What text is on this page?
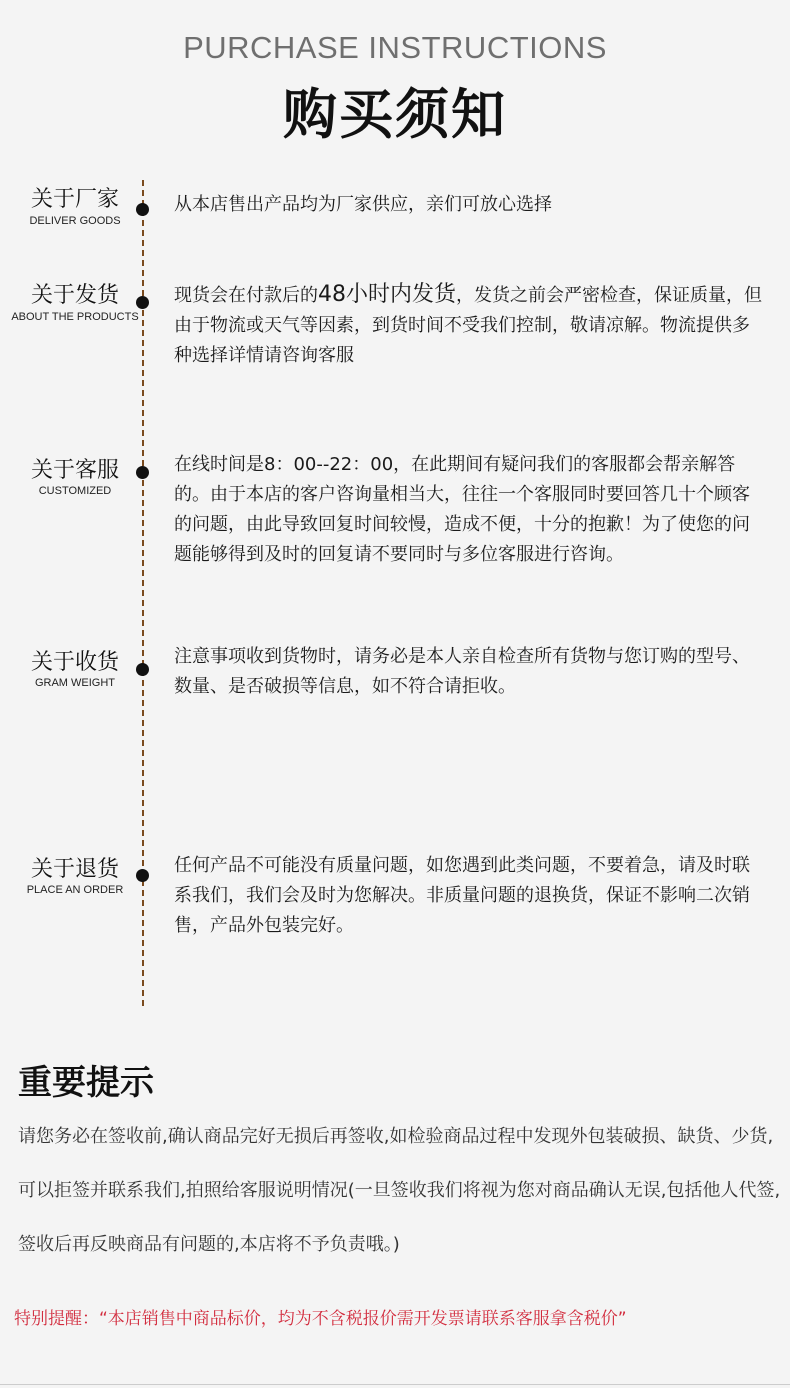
PURCHASE INSTRUCTIONS
购买须知
关于厂家
DELIVER GOODS
从本店售出产品均为厂家供应，亲们可放心选择
关于发货
ABOUT THE PRODUCTS
现货会在付款后的48小时内发货，发货之前会严密检查，保证质量，但由于物流或天气等因素，到货时间不受我们控制，敬请凉解。物流提供多种选择详情请咨询客服
关于客服
CUSTOMIZED
在线时间是8：00--22：00，在此期间有疑问我们的客服都会帮亲解答的。由于本店的客户咨询量相当大，往往一个客服同时要回答几十个顾客的问题，由此导致回复时间较慢，造成不便，十分的抱歉！为了使您的问题能够得到及时的回复请不要同时与多位客服进行咨询。
关于收货
GRAM WEIGHT
注意事项收到货物时，请务必是本人亲自检查所有货物与您订购的型号、数量、是否破损等信息，如不符合请拒收。
关于退货
PLACE AN ORDER
任何产品不可能没有质量问题，如您遇到此类问题，不要着急，请及时联系我们，我们会及时为您解决。非质量问题的退换货，保证不影响二次销售，产品外包装完好。
重要提示
请您务必在签收前,确认商品完好无损后再签收,如检验商品过程中发现外包装破损、缺货、少货,可以拒签并联系我们,拍照给客服说明情况(一旦签收我们将视为您对商品确认无误,包括他人代签,签收后再反映商品有问题的,本店将不予负责哦。)
特别提醒：“本店销售中商品标价，均为不含税报价需开发票请联系客服拿含税价”
